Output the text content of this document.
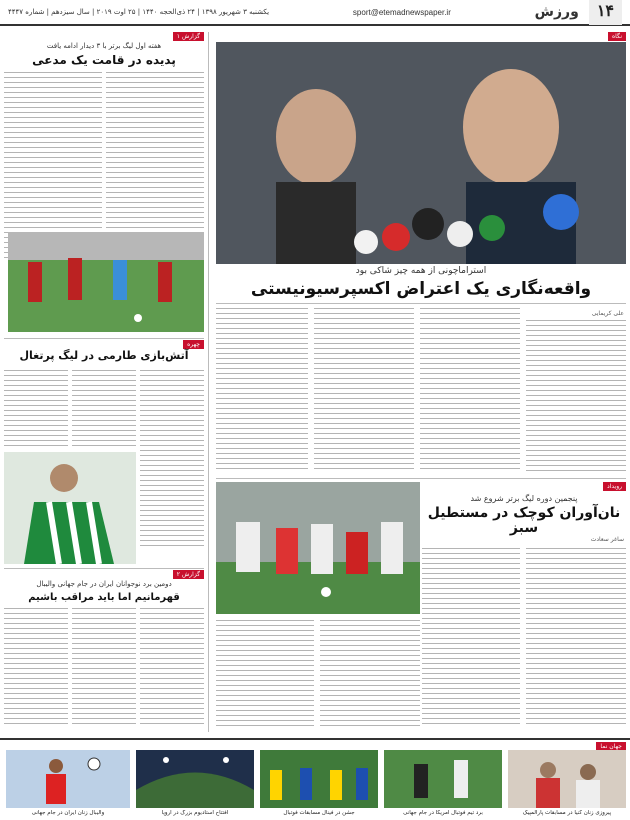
۱۴
ورزش
sport@etemadnewspaper.ir
یکشنبه ۳ شهریور ۱۳۹۸ | ۲۴ ذی‌الحجه ۱۴۴۰ | ۲۵ اوت ۲۰۱۹ | سال سیزدهم | شماره ۴۴۴۷
نگاه
استراماچونی از همه چیز شاکی بود
واقعه‌نگاری یک اعتراض اکسپرسیونیستی
علی کریمایی
رویداد
پنجمین دوره لیگ برتر شروع شد
نان‌آوران کوچک در مستطیل سبز
ساغر سعادت
گزارش ۱
هفته اول لیگ برتر با ۳ دیدار ادامه یافت
پدیده در قامت یک مدعی
چهره
آتش‌بازی طارمی در لیگ پرتغال
گزارش ۲
دومین برد نوجوانان ایران در جام جهانی والیبال
قهرمانیم اما باید مراقب باشیم
جهان نما
پیروزی زنان کنیا در مسابقات پارالمپیک
برد تیم فوتبال آمریکا در جام جهانی
جشن در فینال مسابقات فوتبال
افتتاح استادیوم بزرگ در اروپا
والیبال زنان ایران در جام جهانی
